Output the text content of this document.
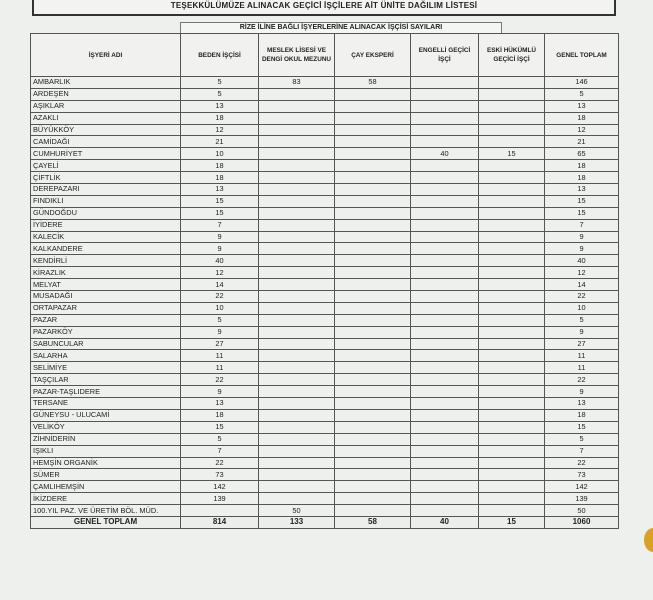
TEŞEKKÜLÜMÜZE ALINACAK GEÇİCİ İŞÇİLERE AİT ÜNİTE DAĞILIM LİSTESİ
RİZE İLİNE BAĞLI İŞYERLERİNE ALINACAK İŞÇİSİ SAYILARI
İŞYERİ ADI	BEDEN İŞÇİSİ	MESLEK LİSESİ VE DENGİ OKUL MEZUNU	ÇAY EKSPERİ	ENGELLİ GEÇİCİ İŞÇİ	ESKİ HÜKÜMLÜ GEÇİCİ İŞÇİ	GENEL TOPLAM
AMBARLIK	5	83	58			146
ARDEŞEN	5					5
AŞIKLAR	13					13
AZAKLI	18					18
BÜYÜKKÖY	12					12
CAMİDAĞI	21					21
CUMHURİYET	10			40	15	65
ÇAYELİ	18					18
ÇİFTLİK	18					18
DEREPAZARI	13					13
FINDIKLI	15					15
GÜNDOĞDU	15					15
İYİDERE	7					7
KALECİK	9					9
KALKANDERE	9					9
KENDİRLİ	40					40
KİRAZLIK	12					12
MELYAT	14					14
MUSADAĞI	22					22
ORTAPAZAR	10					10
PAZAR	5					5
PAZARKÖY	9					9
SABUNCULAR	27					27
SALARHA	11					11
SELİMİYE	11					11
TAŞÇILAR	22					22
PAZAR-TAŞLIDERE	9					9
TERSANE	13					13
GÜNEYSU - ULUCAMİ	18					18
VELİKÖY	15					15
ZİHNİDERİN	5					5
IŞIKLI	7					7
HEMŞİN ORGANİK	22					22
SÜMER	73					73
ÇAMLIHEMŞİN	142					142
İKİZDERE	139					139
100.YIL PAZ. VE ÜRETİM BÖL. MÜD.		50				50
GENEL TOPLAM	814	133	58	40	15	1060
